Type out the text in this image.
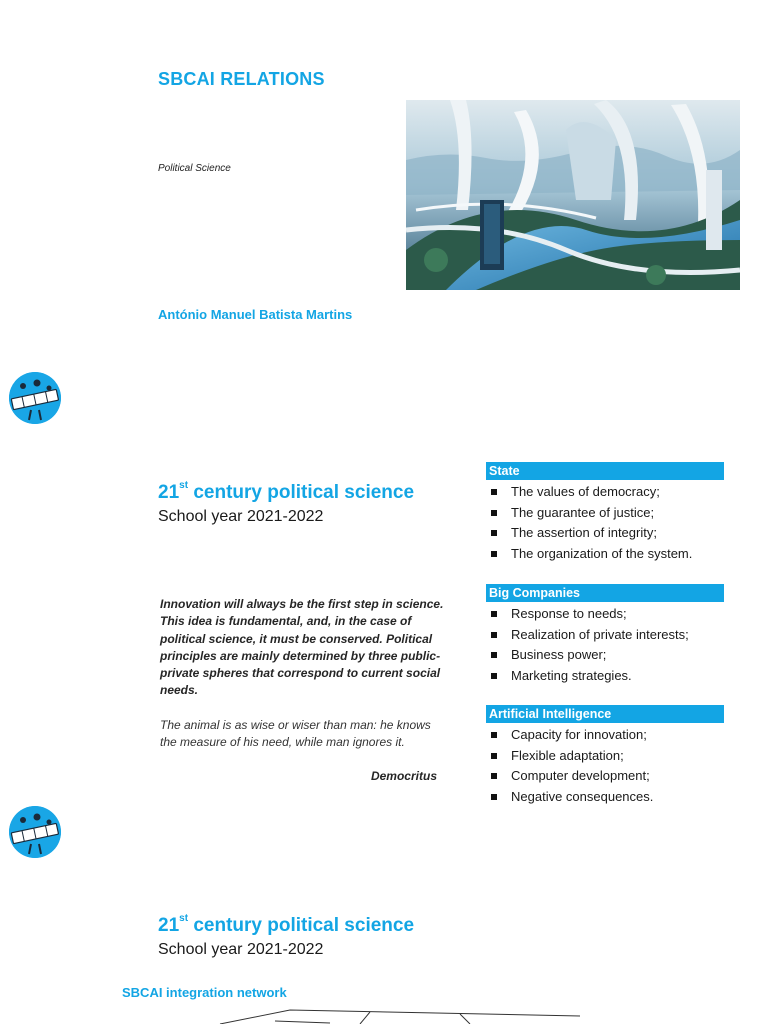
SBCAI RELATIONS
Political Science
António Manuel Batista Martins
21st century political science
School year 2021-2022
Innovation will always be the first step in science. This idea is fundamental, and, in the case of political science, it must be conserved. Political principles are mainly determined by three public-private spheres that correspond to current social needs.
The animal is as wise or wiser than man: he knows the measure of his need, while man ignores it.
Democritus
State
The values of democracy;
The guarantee of justice;
The assertion of integrity;
The organization of the system.
Big Companies
Response to needs;
Realization of private interests;
Business power;
Marketing strategies.
Artificial Intelligence
Capacity for innovation;
Flexible adaptation;
Computer development;
Negative consequences.
21st century political science
School year 2021-2022
SBCAI integration network
